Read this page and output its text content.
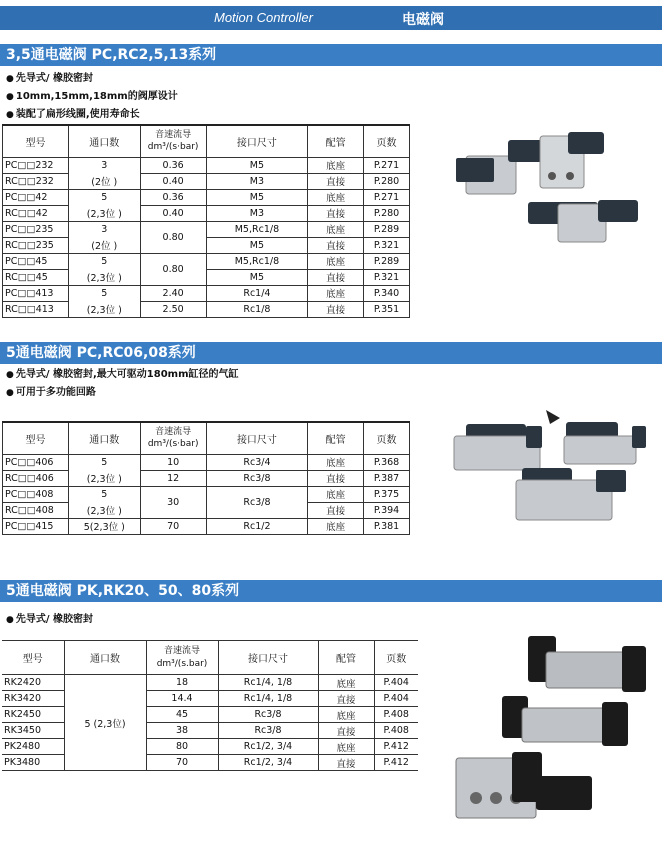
Motion Controller	电磁阀
3,5通电磁阀 PC,RC2,5,13系列
● 先导式/ 橡胶密封
● 10mm,15mm,18mm的阀厚设计
● 装配了扁形线圈,使用寿命长
型号	通口数	音速流导 dm³/(s·bar)	接口尺寸	配管	页数
PC□□232	3	0.36	M5	底座	P.271
RC□□232	(2位 )	0.40	M3	直接	P.280
PC□□42	5	0.36	M5	底座	P.271
RC□□42	(2,3位 )	0.40	M3	直接	P.280
PC□□235	3	0.80	M5,Rc1/8	底座	P.289
RC□□235	(2位 )		M5	直接	P.321
PC□□45	5	0.80	M5,Rc1/8	底座	P.289
RC□□45	(2,3位 )		M5	直接	P.321
PC□□413	5	2.40	Rc1/4	底座	P.340
RC□□413	(2,3位 )	2.50	Rc1/8	直接	P.351
5通电磁阀 PC,RC06,08系列
● 先导式/ 橡胶密封,最大可驱动180mm缸径的气缸
● 可用于多功能回路
型号	通口数	音速流导 dm³/(s·bar)	接口尺寸	配管	页数
PC□□406	5	10	Rc3/4	底座	P.368
RC□□406	(2,3位 )	12	Rc3/8	直接	P.387
PC□□408	5	30	Rc3/8	底座	P.375
RC□□408	(2,3位 )			直接	P.394
PC□□415	5(2,3位 )	70	Rc1/2	底座	P.381
5通电磁阀 PK,RK20、50、80系列
● 先导式/ 橡胶密封
型号	通口数	音速流导 dm³/(s.bar)	接口尺寸	配管	页数
RK2420	5 (2,3位)	18	Rc1/4, 1/8	底座	P.404
RK3420		14.4	Rc1/4, 1/8	直接	P.404
RK2450		45	Rc3/8	底座	P.408
RK3450		38	Rc3/8	直接	P.408
PK2480		80	Rc1/2, 3/4	底座	P.412
PK3480		70	Rc1/2, 3/4	直接	P.412
